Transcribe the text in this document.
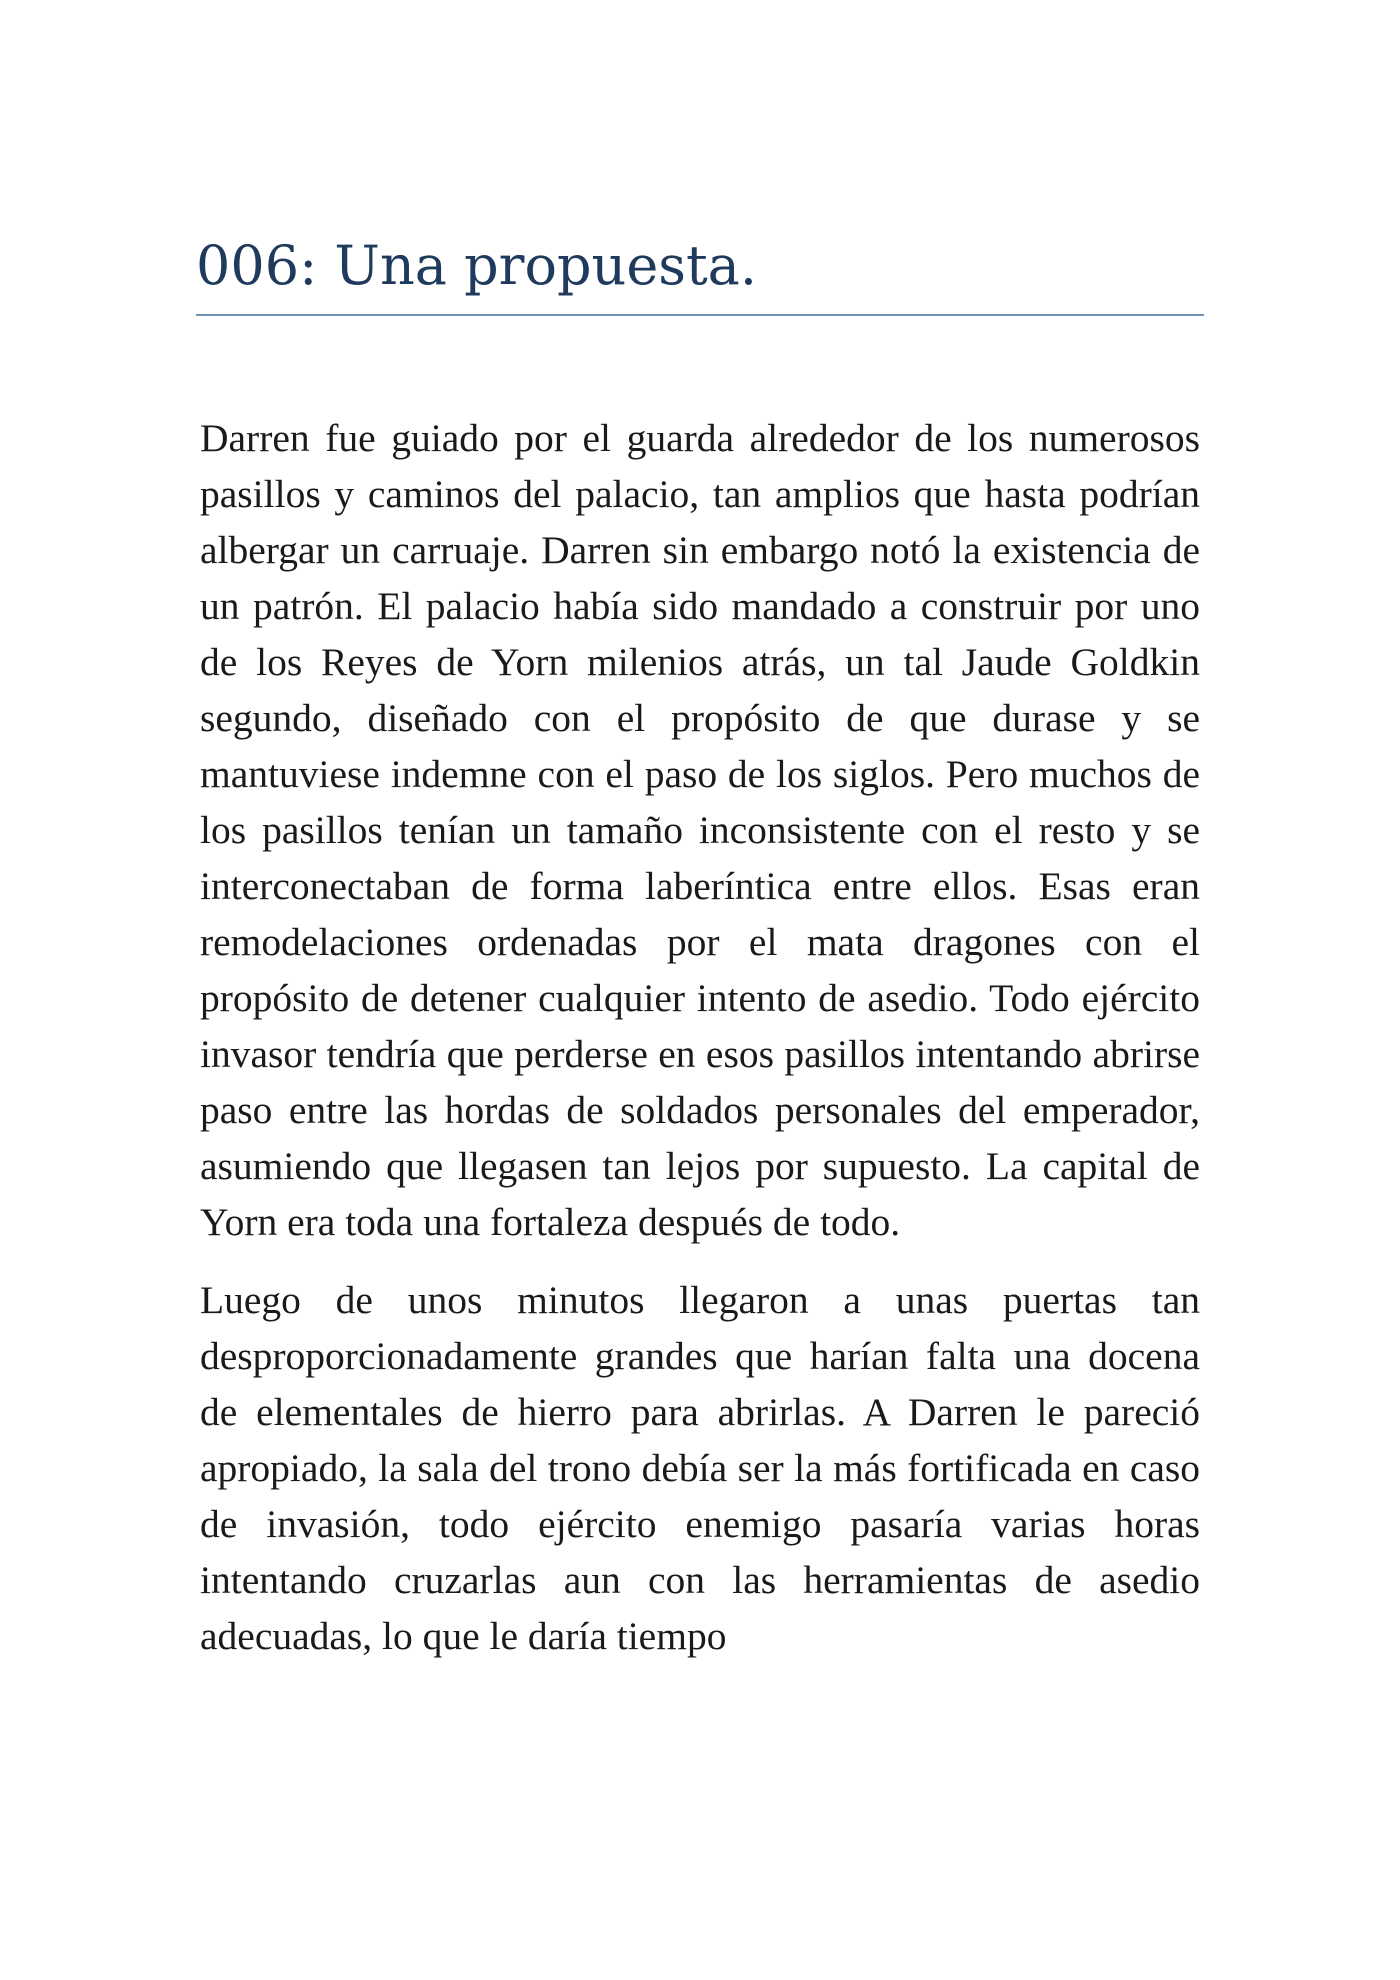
006: Una propuesta.

Darren fue guiado por el guarda alrededor de los numerosos pasillos y caminos del palacio, tan amplios que hasta podrían albergar un carruaje. Darren sin embargo notó la existencia de un patrón. El palacio había sido mandado a construir por uno de los Reyes de Yorn milenios atrás, un tal Jaude Goldkin segundo, diseñado con el propósito de que durase y se mantuviese indemne con el paso de los siglos. Pero muchos de los pasillos tenían un tamaño inconsistente con el resto y se interconectaban de forma laberíntica entre ellos. Esas eran remodelaciones ordenadas por el mata dragones con el propósito de detener cualquier intento de asedio. Todo ejército invasor tendría que perderse en esos pasillos intentando abrirse paso entre las hordas de soldados personales del emperador, asumiendo que llegasen tan lejos por supuesto. La capital de Yorn era toda una fortaleza después de todo.

Luego de unos minutos llegaron a unas puertas tan desproporcionadamente grandes que harían falta una docena de elementales de hierro para abrirlas. A Darren le pareció apropiado, la sala del trono debía ser la más fortificada en caso de invasión, todo ejército enemigo pasaría varias horas intentando cruzarlas aun con las herramientas de asedio adecuadas, lo que le daría tiempo
